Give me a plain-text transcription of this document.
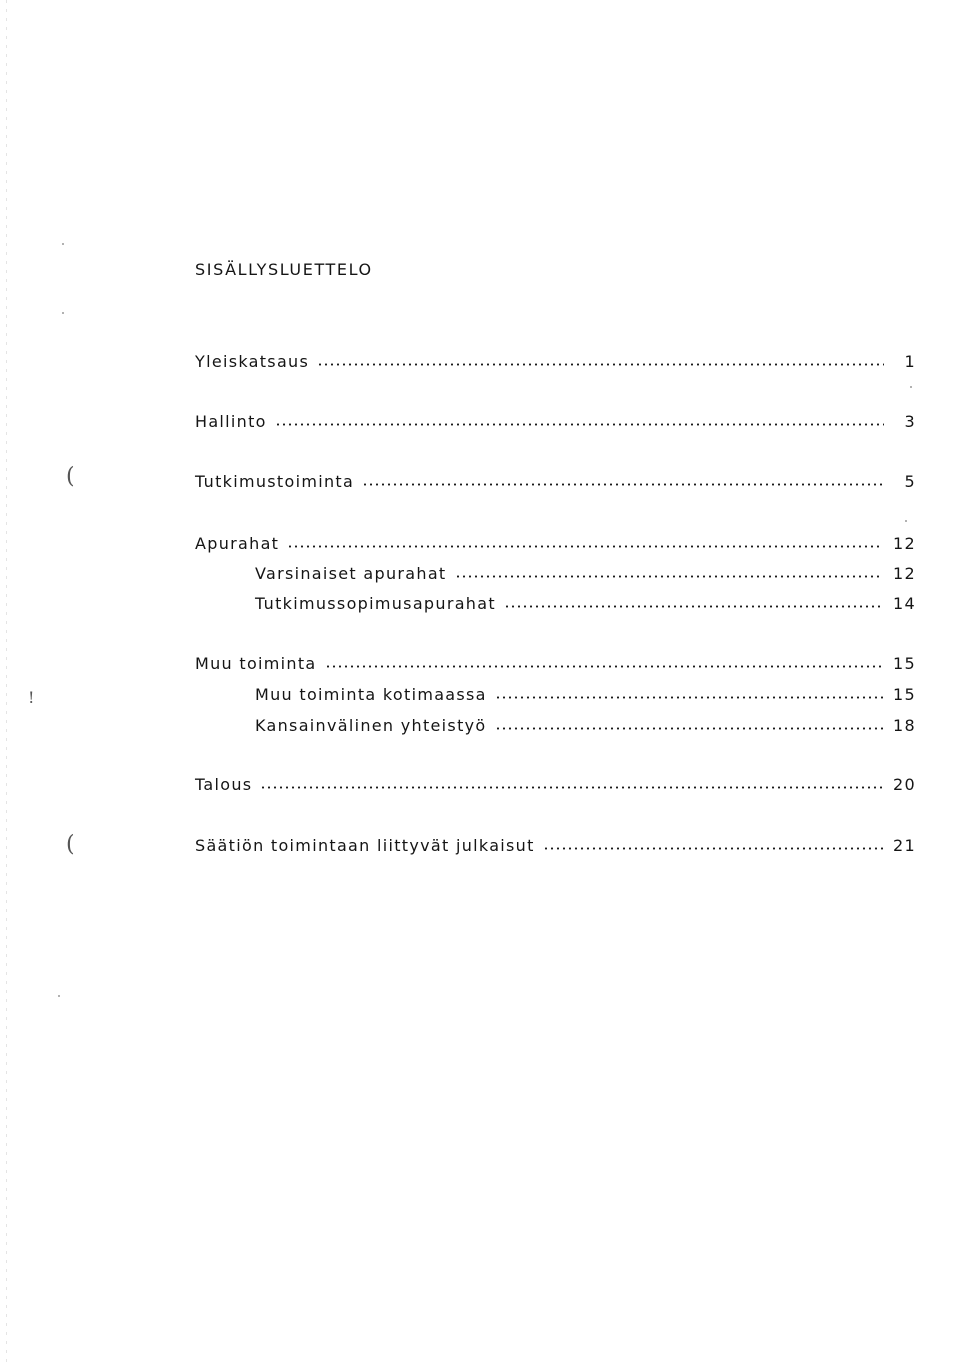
(
(
!
SISÄLLYSLUETTELO
Yleiskatsaus	1
Hallinto	3
Tutkimustoiminta	5
Apurahat	12
Varsinaiset apurahat	12
Tutkimussopimusapurahat	14
Muu toiminta	15
Muu toiminta kotimaassa	15
Kansainvälinen yhteistyö	18
Talous	20
Säätiön toimintaan liittyvät julkaisut	21
